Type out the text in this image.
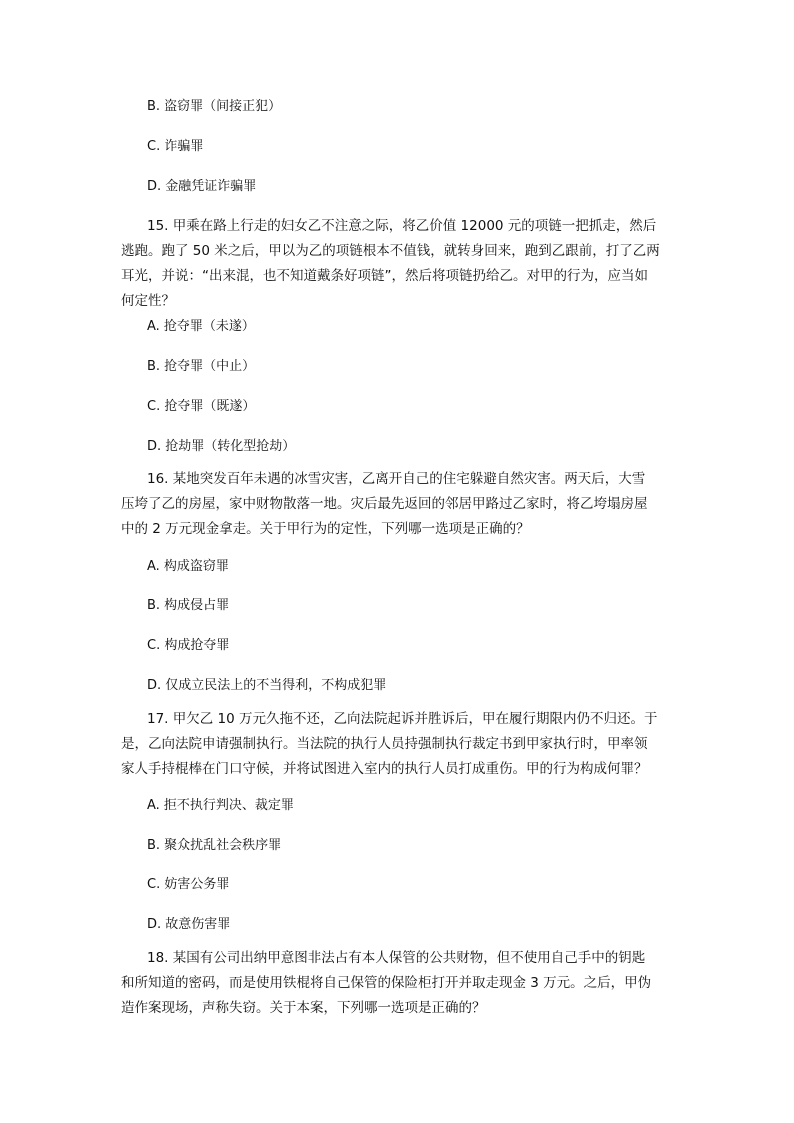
B. 盗窃罪（间接正犯）
C. 诈骗罪
D. 金融凭证诈骗罪
15. 甲乘在路上行走的妇女乙不注意之际，将乙价值 12000 元的项链一把抓走，然后
逃跑。跑了 50 米之后，甲以为乙的项链根本不值钱，就转身回来，跑到乙跟前，打了乙两
耳光，并说：“出来混，也不知道戴条好项链”，然后将项链扔给乙。对甲的行为，应当如
何定性？
A. 抢夺罪（未遂）
B. 抢夺罪（中止）
C. 抢夺罪（既遂）
D. 抢劫罪（转化型抢劫）
16. 某地突发百年未遇的冰雪灾害，乙离开自己的住宅躲避自然灾害。两天后，大雪
压垮了乙的房屋，家中财物散落一地。灾后最先返回的邻居甲路过乙家时，将乙垮塌房屋
中的 2 万元现金拿走。关于甲行为的定性，下列哪一选项是正确的？
A. 构成盗窃罪
B. 构成侵占罪
C. 构成抢夺罪
D. 仅成立民法上的不当得利，不构成犯罪
17. 甲欠乙 10 万元久拖不还，乙向法院起诉并胜诉后，甲在履行期限内仍不归还。于
是，乙向法院申请强制执行。当法院的执行人员持强制执行裁定书到甲家执行时，甲率领
家人手持棍棒在门口守候，并将试图进入室内的执行人员打成重伤。甲的行为构成何罪？
A. 拒不执行判决、裁定罪
B. 聚众扰乱社会秩序罪
C. 妨害公务罪
D. 故意伤害罪
18. 某国有公司出纳甲意图非法占有本人保管的公共财物，但不使用自己手中的钥匙
和所知道的密码，而是使用铁棍将自己保管的保险柜打开并取走现金 3 万元。之后，甲伪
造作案现场，声称失窃。关于本案，下列哪一选项是正确的？
